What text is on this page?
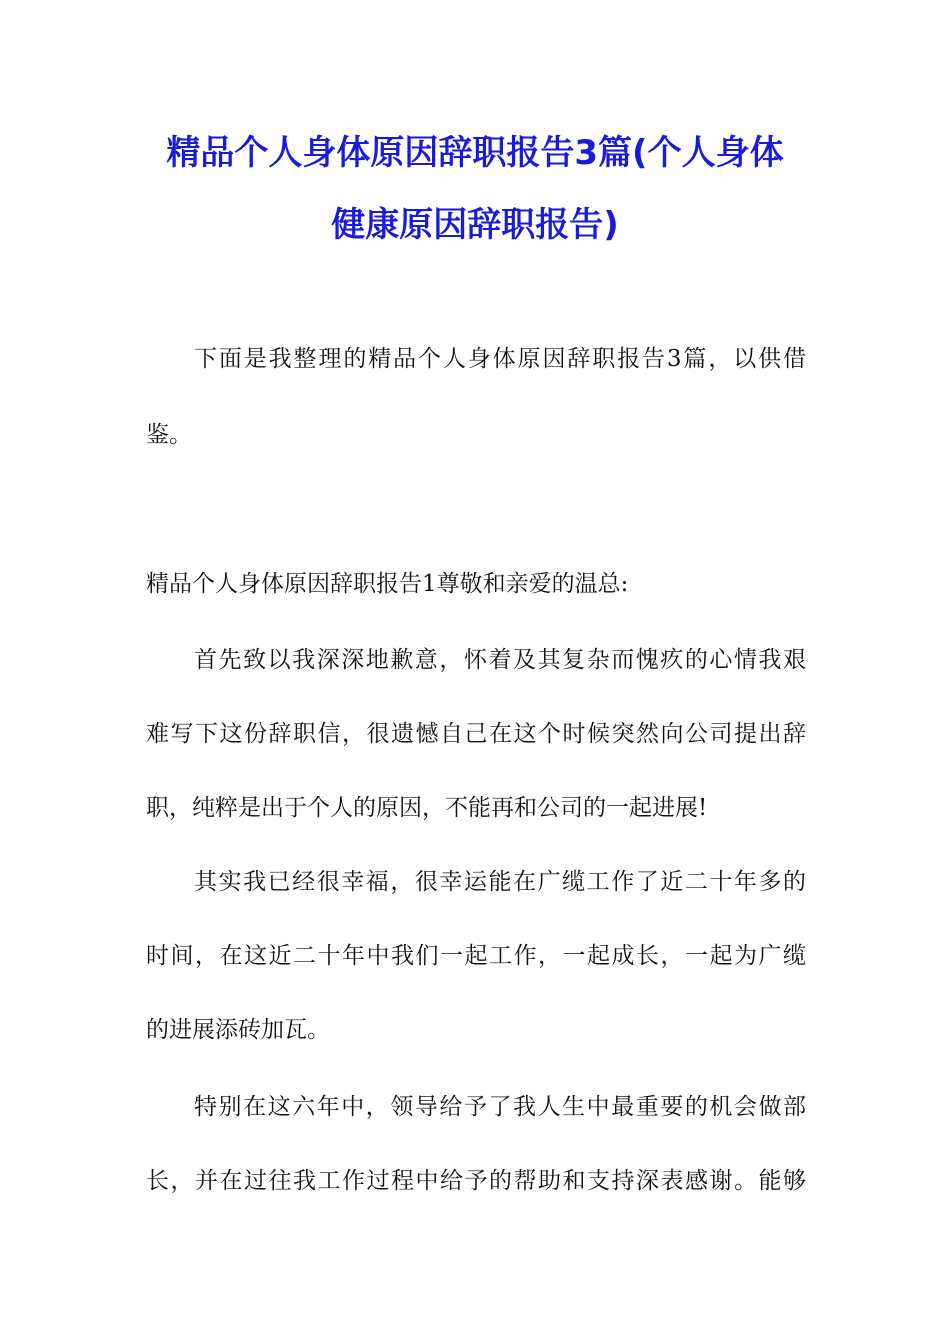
精品个人身体原因辞职报告3篇(个人身体
健康原因辞职报告)

下面是我整理的精品个人身体原因辞职报告3篇，以供借

鉴。

精品个人身体原因辞职报告1尊敬和亲爱的温总:

首先致以我深深地歉意，怀着及其复杂而愧疚的心情我艰

难写下这份辞职信，很遗憾自己在这个时候突然向公司提出辞

职，纯粹是出于个人的原因，不能再和公司的一起进展!

其实我已经很幸福，很幸运能在广缆工作了近二十年多的

时间，在这近二十年中我们一起工作，一起成长，一起为广缆

的进展添砖加瓦。

特别在这六年中，领导给予了我人生中最重要的机会做部

长，并在过往我工作过程中给予的帮助和支持深表感谢。能够
